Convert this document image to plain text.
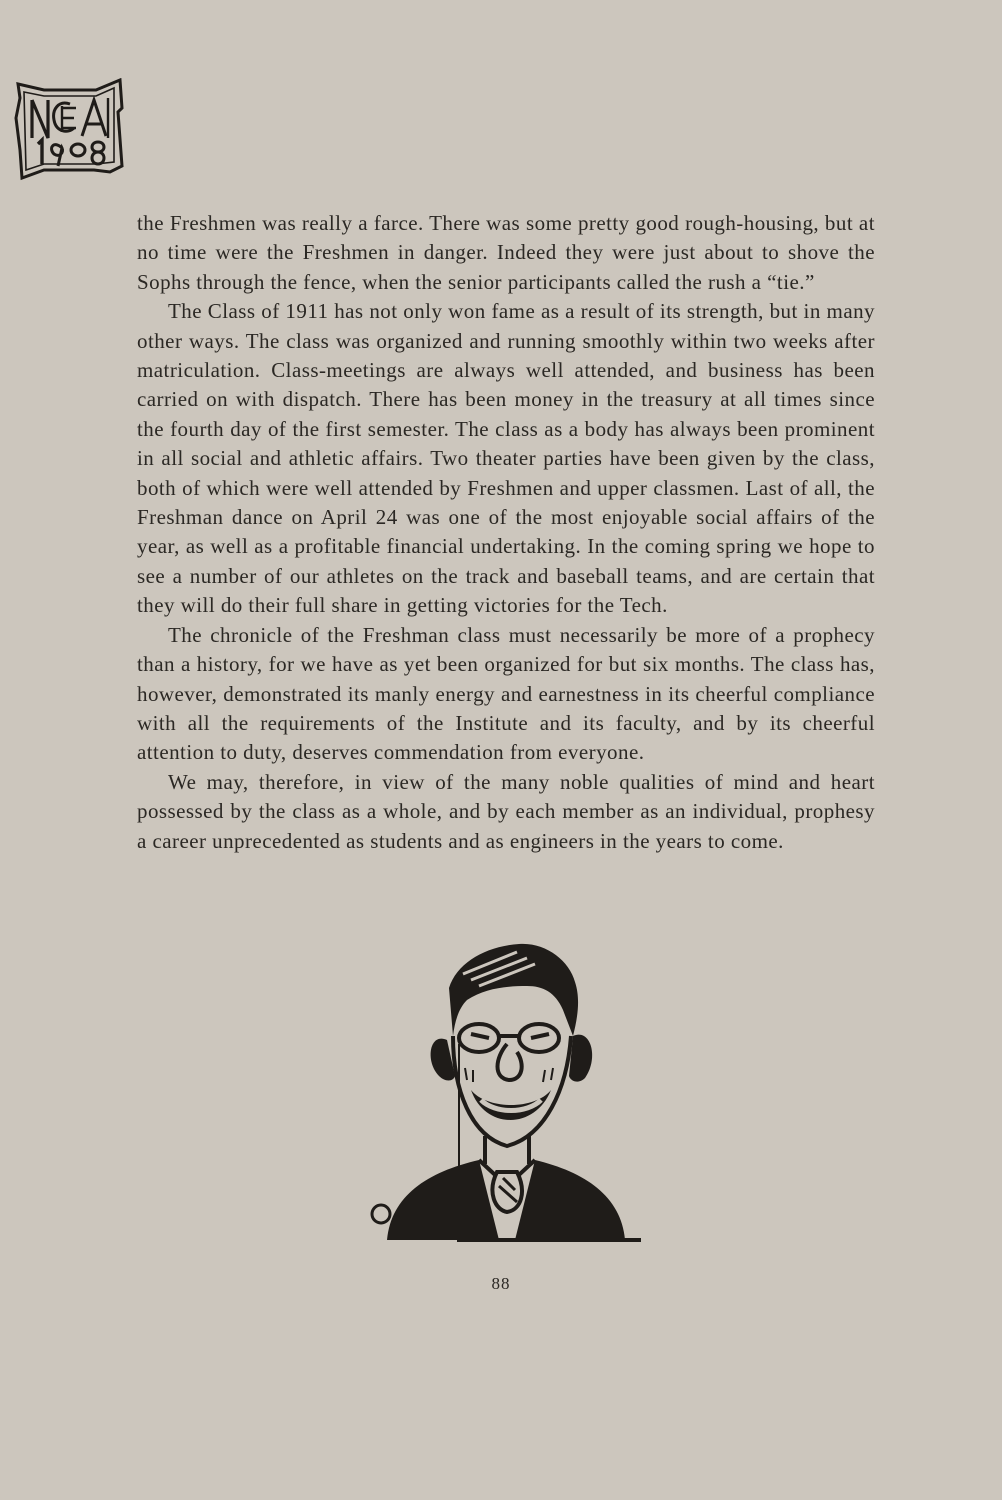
the Freshmen was really a farce. There was some pretty good rough-housing, but at no time were the Freshmen in danger. Indeed they were just about to shove the Sophs through the fence, when the senior participants called the rush a “tie.”

The Class of 1911 has not only won fame as a result of its strength, but in many other ways. The class was organized and running smoothly within two weeks after matriculation. Class-meetings are always well attended, and business has been carried on with dispatch. There has been money in the treasury at all times since the fourth day of the first semester. The class as a body has always been prominent in all social and athletic affairs. Two theater parties have been given by the class, both of which were well attended by Freshmen and upper classmen. Last of all, the Freshman dance on April 24 was one of the most enjoyable social affairs of the year, as well as a profitable financial undertaking. In the coming spring we hope to see a number of our athletes on the track and baseball teams, and are certain that they will do their full share in getting victories for the Tech.

The chronicle of the Freshman class must necessarily be more of a prophecy than a history, for we have as yet been organized for but six months. The class has, however, demonstrated its manly energy and earnestness in its cheerful compliance with all the requirements of the Institute and its faculty, and by its cheerful attention to duty, deserves commendation from everyone.

We may, therefore, in view of the many noble qualities of mind and heart possessed by the class as a whole, and by each member as an individual, prophesy a career unprecedented as students and as engineers in the years to come.

88
